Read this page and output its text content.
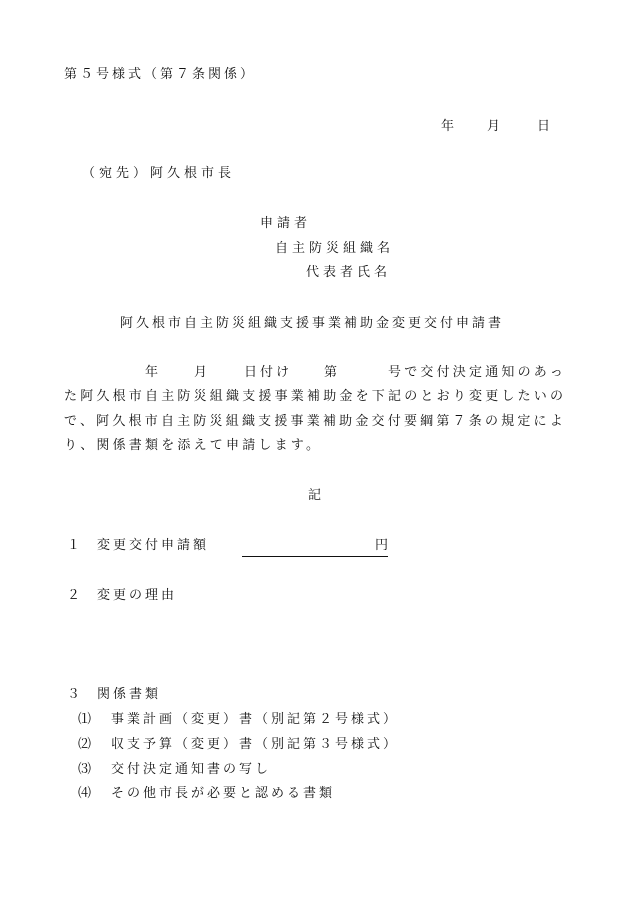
第５号様式（第７条関係）
年	月	日
（宛先）阿久根市長
申請者
自主防災組織名
代表者氏名
阿久根市自主防災組織支援事業補助金変更交付申請書
年	月	日付け 第	号で交付決定通知のあっ
た阿久根市自主防災組織支援事業補助金を下記のとおり変更したいの
で、阿久根市自主防災組織支援事業補助金交付要綱第７条の規定によ
り、関係書類を添えて申請します。
記
１ 変更交付申請額	円
２ 変更の理由
３ 関係書類
⑴ 事業計画（変更）書（別記第２号様式）
⑵ 収支予算（変更）書（別記第３号様式）
⑶ 交付決定通知書の写し
⑷ その他市長が必要と認める書類
